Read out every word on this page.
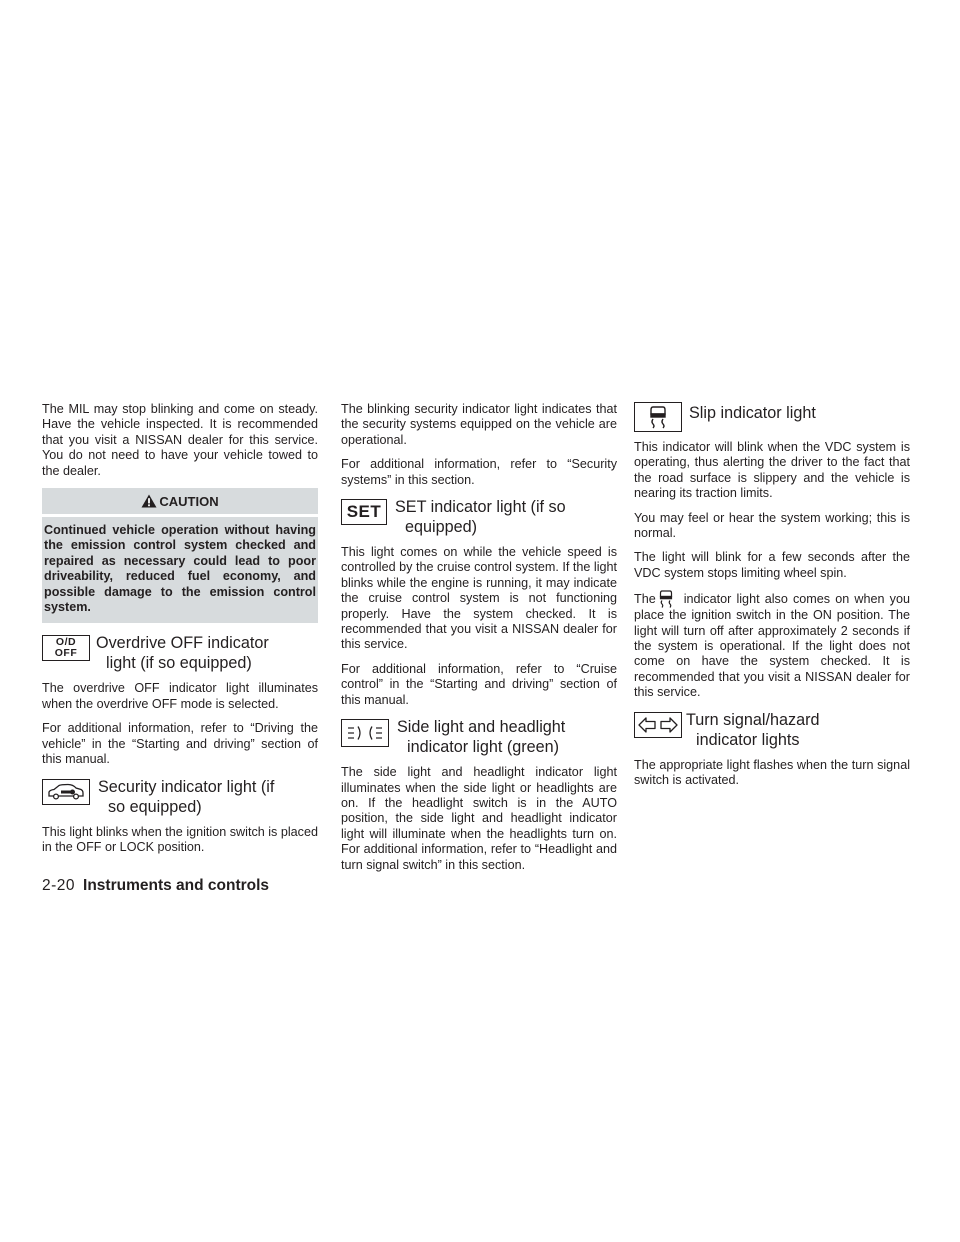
The MIL may stop blinking and come on steady. Have the vehicle inspected. It is recommended that you visit a NISSAN dealer for this service. You do not need to have your vehicle towed to the dealer.

CAUTION

Continued vehicle operation without having the emission control system checked and repaired as necessary could lead to poor driveability, reduced fuel economy, and possible damage to the emission control system.

O/D
OFF
Overdrive OFF indicator
light (if so equipped)

The overdrive OFF indicator light illuminates when the overdrive OFF mode is selected.

For additional information, refer to “Driving the vehicle” in the “Starting and driving” section of this manual.

Security indicator light (if
so equipped)

This light blinks when the ignition switch is placed in the OFF or LOCK position.

The blinking security indicator light indicates that the security systems equipped on the vehicle are operational.

For additional information, refer to “Security systems” in this section.

SET SET indicator light (if so
equipped)

This light comes on while the vehicle speed is controlled by the cruise control system. If the light blinks while the engine is running, it may indicate the cruise control system is not functioning properly. Have the system checked. It is recommended that you visit a NISSAN dealer for this service.

For additional information, refer to “Cruise control” in the “Starting and driving” section of this manual.

Side light and headlight
indicator light (green)

The side light and headlight indicator light illuminates when the side light or headlights are on. If the headlight switch is in the AUTO position, the side light and headlight indicator light will illuminate when the headlights turn on. For additional information, refer to “Headlight and turn signal switch” in this section.

Slip indicator light

This indicator will blink when the VDC system is operating, thus alerting the driver to the fact that the road surface is slippery and the vehicle is nearing its traction limits.

You may feel or hear the system working; this is normal.

The light will blink for a few seconds after the VDC system stops limiting wheel spin.

The indicator light also comes on when you place the ignition switch in the ON position. The light will turn off after approximately 2 seconds if the system is operational. If the light does not come on have the system checked. It is recommended that you visit a NISSAN dealer for this service.

Turn signal/hazard
indicator lights

The appropriate light flashes when the turn signal switch is activated.

2-20 Instruments and controls
